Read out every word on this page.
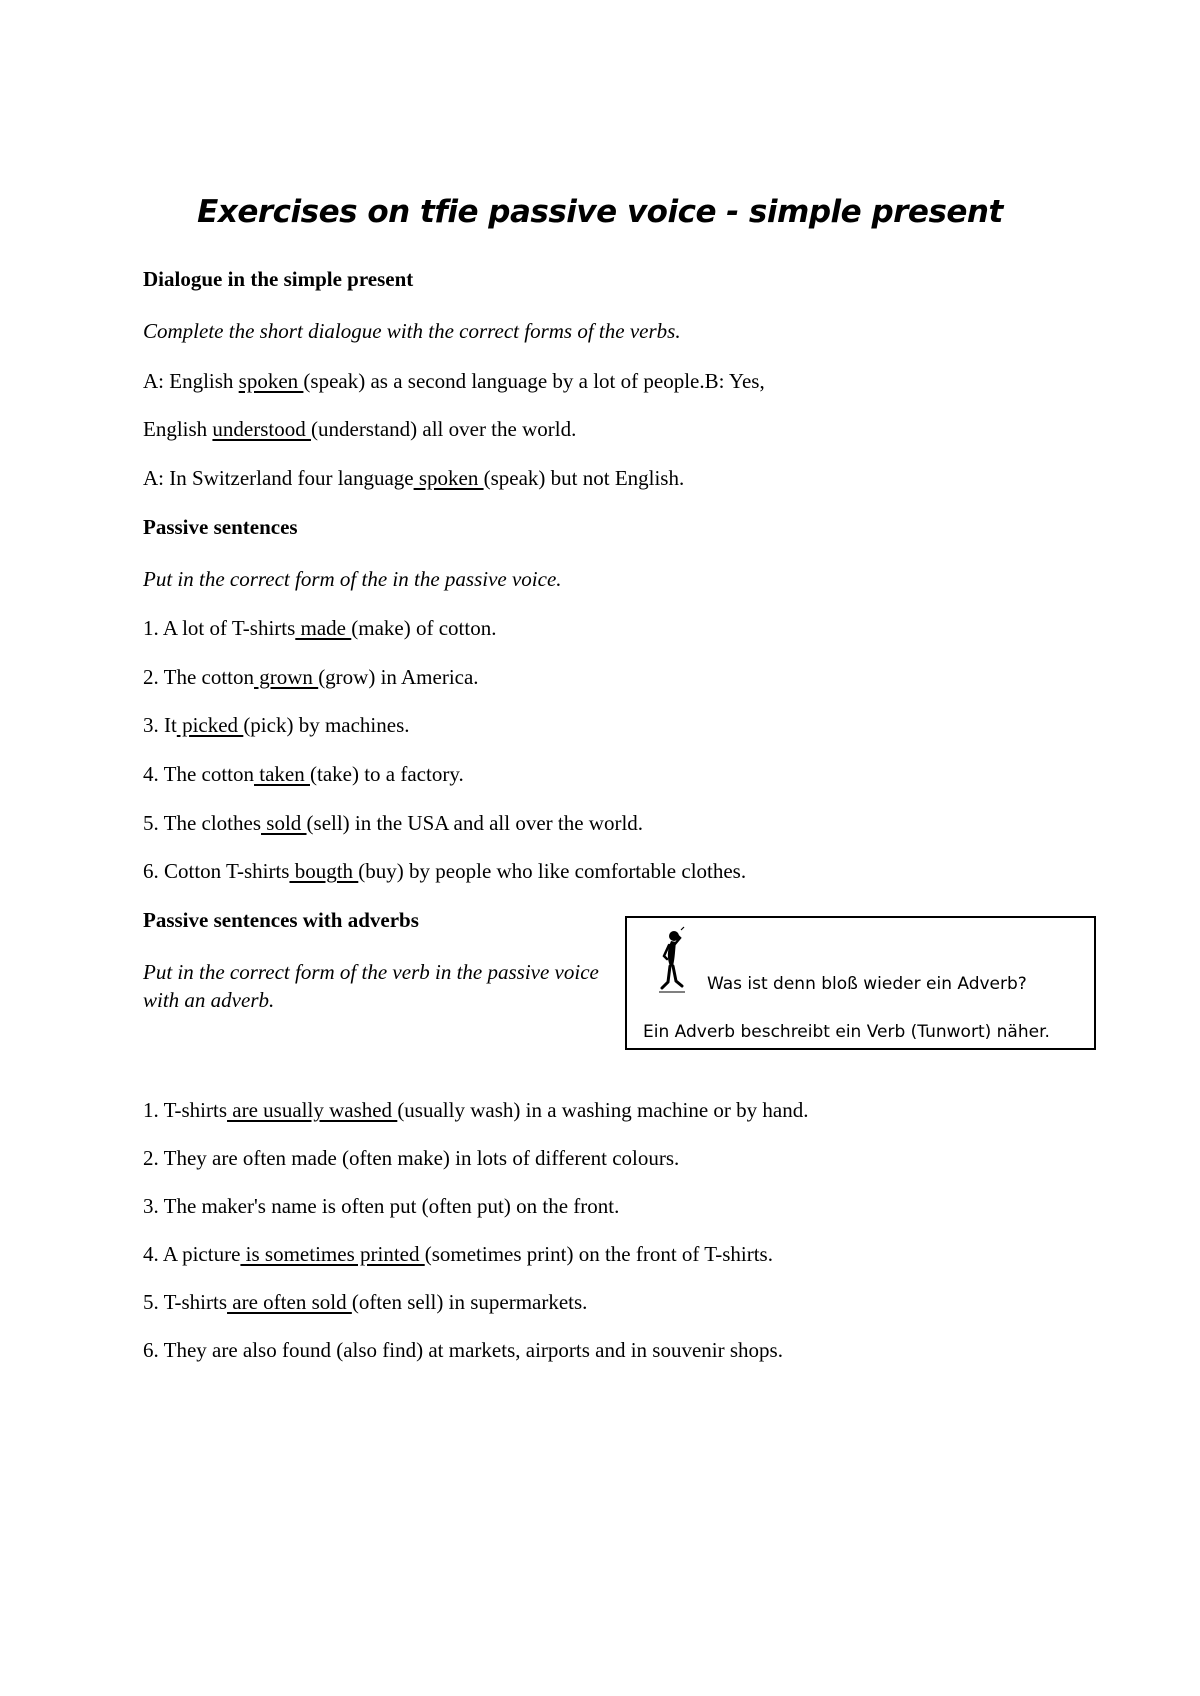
Exercises on tfie passive voice - simple present
Dialogue in the simple present
Complete the short dialogue with the correct forms of the verbs.
A: English spoken (speak) as a second language by a lot of people.B: Yes,
English understood (understand) all over the world.
A: In Switzerland four language spoken (speak) but not English.
Passive sentences
Put in the correct form of the in the passive voice.
1. A lot of T-shirts made (make) of cotton.
2. The cotton grown (grow) in America.
3. It picked (pick) by machines.
4. The cotton taken (take) to a factory.
5. The clothes sold (sell) in the USA and all over the world.
6. Cotton T-shirts bougth (buy) by people who like comfortable clothes.
Passive sentences with adverbs
Put in the correct form of the verb in the passive voice with an adverb.
Was ist denn bloß wieder ein Adverb?
Ein Adverb beschreibt ein Verb (Tunwort) näher.
1. T-shirts are usually washed (usually wash) in a washing machine or by hand.
2. They are often made (often make) in lots of different colours.
3. The maker's name is often put (often put) on the front.
4. A picture is sometimes printed (sometimes print) on the front of T-shirts.
5. T-shirts are often sold (often sell) in supermarkets.
6. They are also found (also find) at markets, airports and in souvenir shops.
